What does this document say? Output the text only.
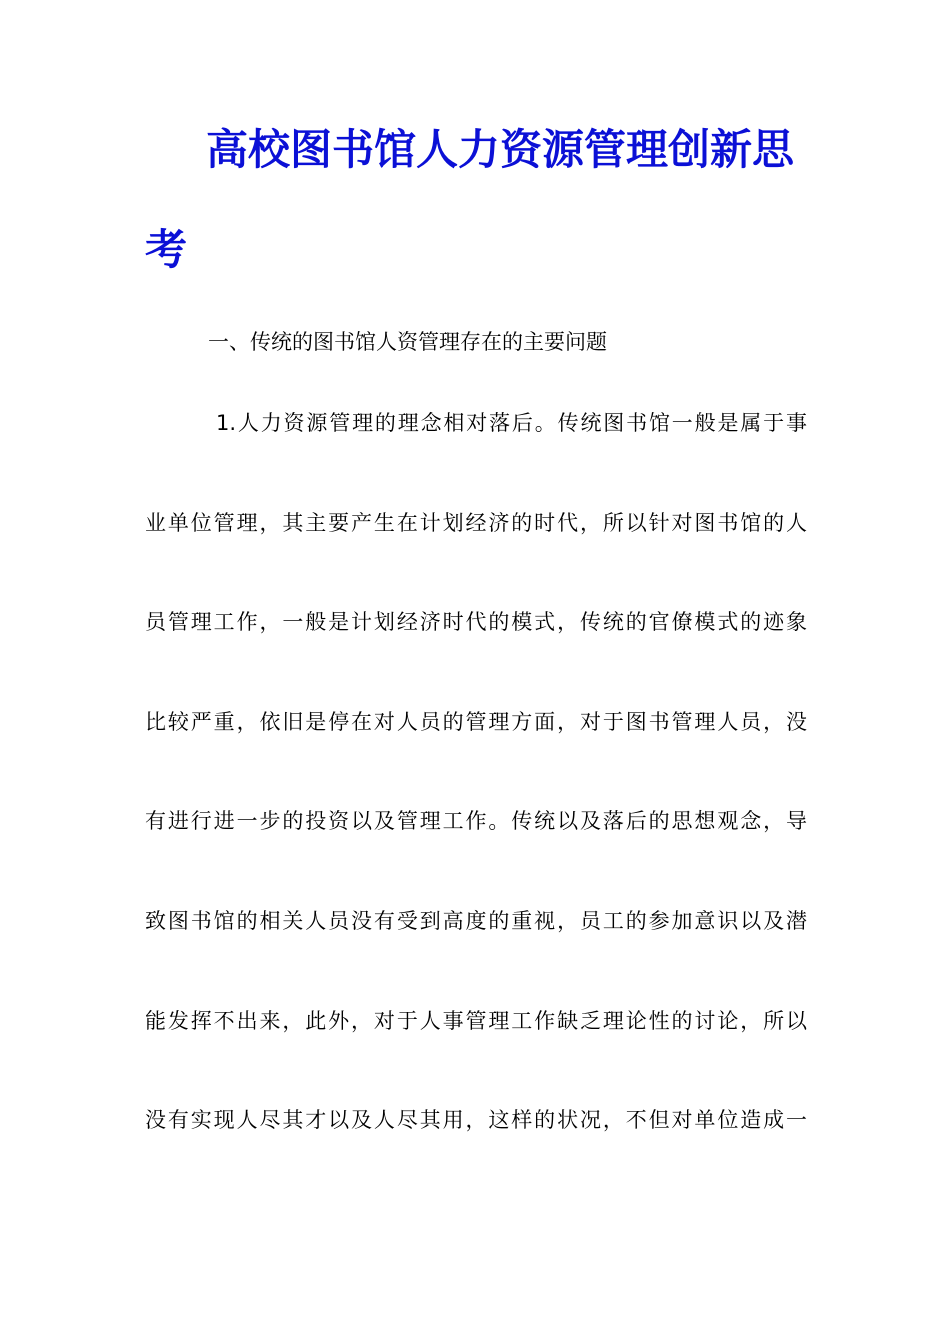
高校图书馆人力资源管理创新思
考
一、传统的图书馆人资管理存在的主要问题
1.人力资源管理的理念相对落后。传统图书馆一般是属于事
业单位管理，其主要产生在计划经济的时代，所以针对图书馆的人
员管理工作，一般是计划经济时代的模式，传统的官僚模式的迹象
比较严重，依旧是停在对人员的管理方面，对于图书管理人员，没
有进行进一步的投资以及管理工作。传统以及落后的思想观念，导
致图书馆的相关人员没有受到高度的重视，员工的参加意识以及潜
能发挥不出来，此外，对于人事管理工作缺乏理论性的讨论，所以
没有实现人尽其才以及人尽其用，这样的状况，不但对单位造成一
